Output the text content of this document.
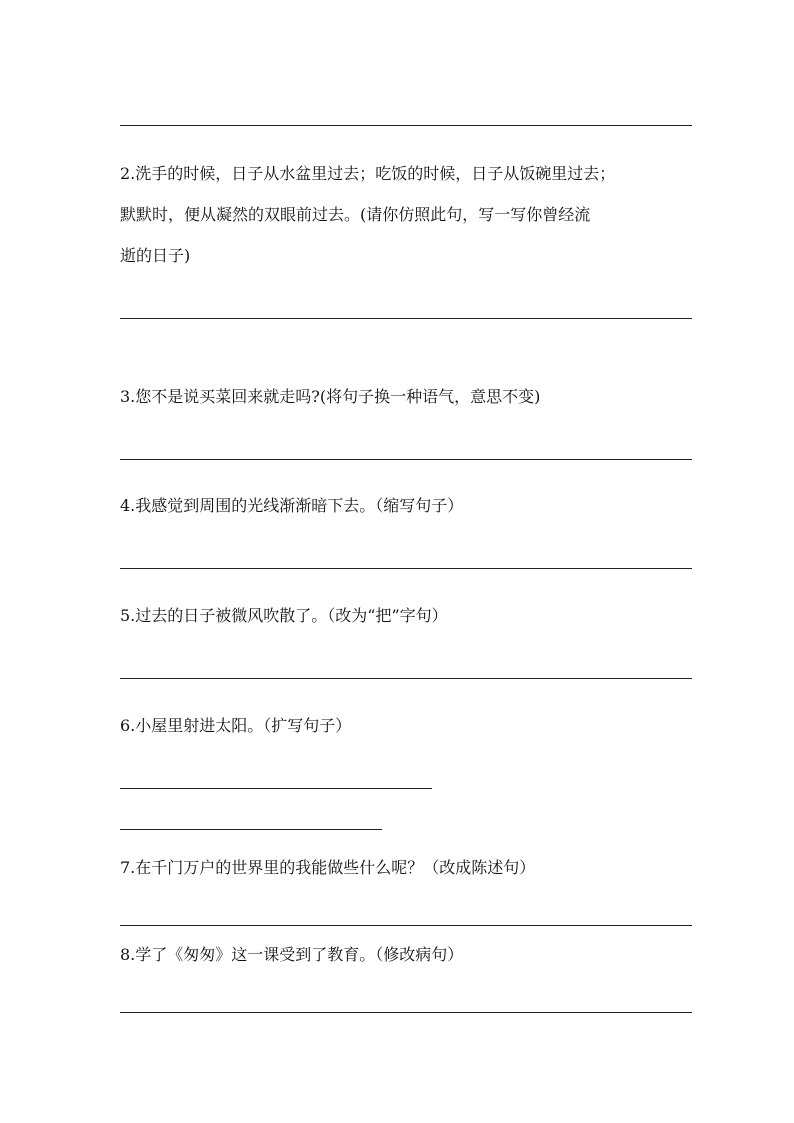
2.洗手的时候，日子从水盆里过去；吃饭的时候，日子从饭碗里过去；
默默时，便从凝然的双眼前过去。(请你仿照此句，写一写你曾经流
逝的日子)
3.您不是说买菜回来就走吗?(将句子换一种语气，意思不变)
4.我感觉到周围的光线渐渐暗下去。（缩写句子）
5.过去的日子被微风吹散了。（改为“把”字句）
6.小屋里射进太阳。（扩写句子）
7.在千门万户的世界里的我能做些什么呢？（改成陈述句）
8.学了《匆匆》这一课受到了教育。（修改病句）
